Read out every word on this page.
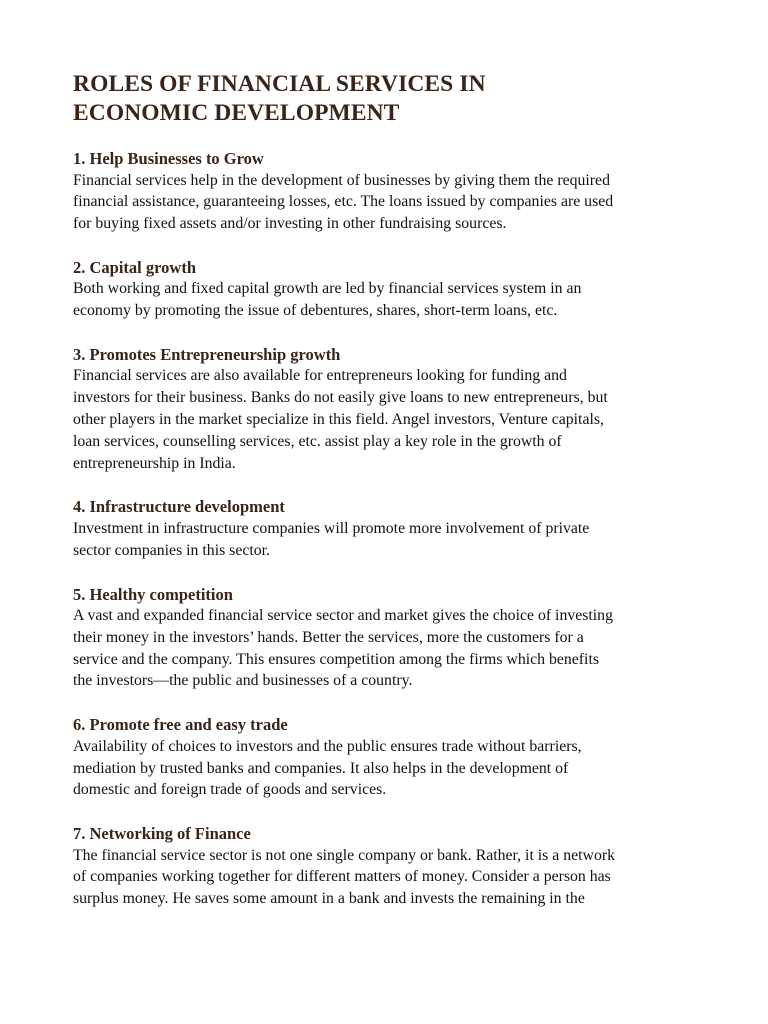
ROLES OF FINANCIAL SERVICES IN
ECONOMIC DEVELOPMENT
1. Help Businesses to Grow

Financial services help in the development of businesses by giving them the required
financial assistance, guaranteeing losses, etc. The loans issued by companies are used
for buying fixed assets and/or investing in other fundraising sources.

2. Capital growth

Both working and fixed capital growth are led by financial services system in an
economy by promoting the issue of debentures, shares, short-term loans, etc.

3. Promotes Entrepreneurship growth

Financial services are also available for entrepreneurs looking for funding and
investors for their business. Banks do not easily give loans to new entrepreneurs, but
other players in the market specialize in this field. Angel investors, Venture capitals,
loan services, counselling services, etc. assist play a key role in the growth of
entrepreneurship in India.

4. Infrastructure development

Investment in infrastructure companies will promote more involvement of private
sector companies in this sector.

5. Healthy competition

A vast and expanded financial service sector and market gives the choice of investing
their money in the investors’ hands. Better the services, more the customers for a
service and the company. This ensures competition among the firms which benefits
the investors—the public and businesses of a country.

6. Promote free and easy trade

Availability of choices to investors and the public ensures trade without barriers,
mediation by trusted banks and companies. It also helps in the development of
domestic and foreign trade of goods and services.

7. Networking of Finance

The financial service sector is not one single company or bank. Rather, it is a network
of companies working together for different matters of money. Consider a person has
surplus money. He saves some amount in a bank and invests the remaining in the
